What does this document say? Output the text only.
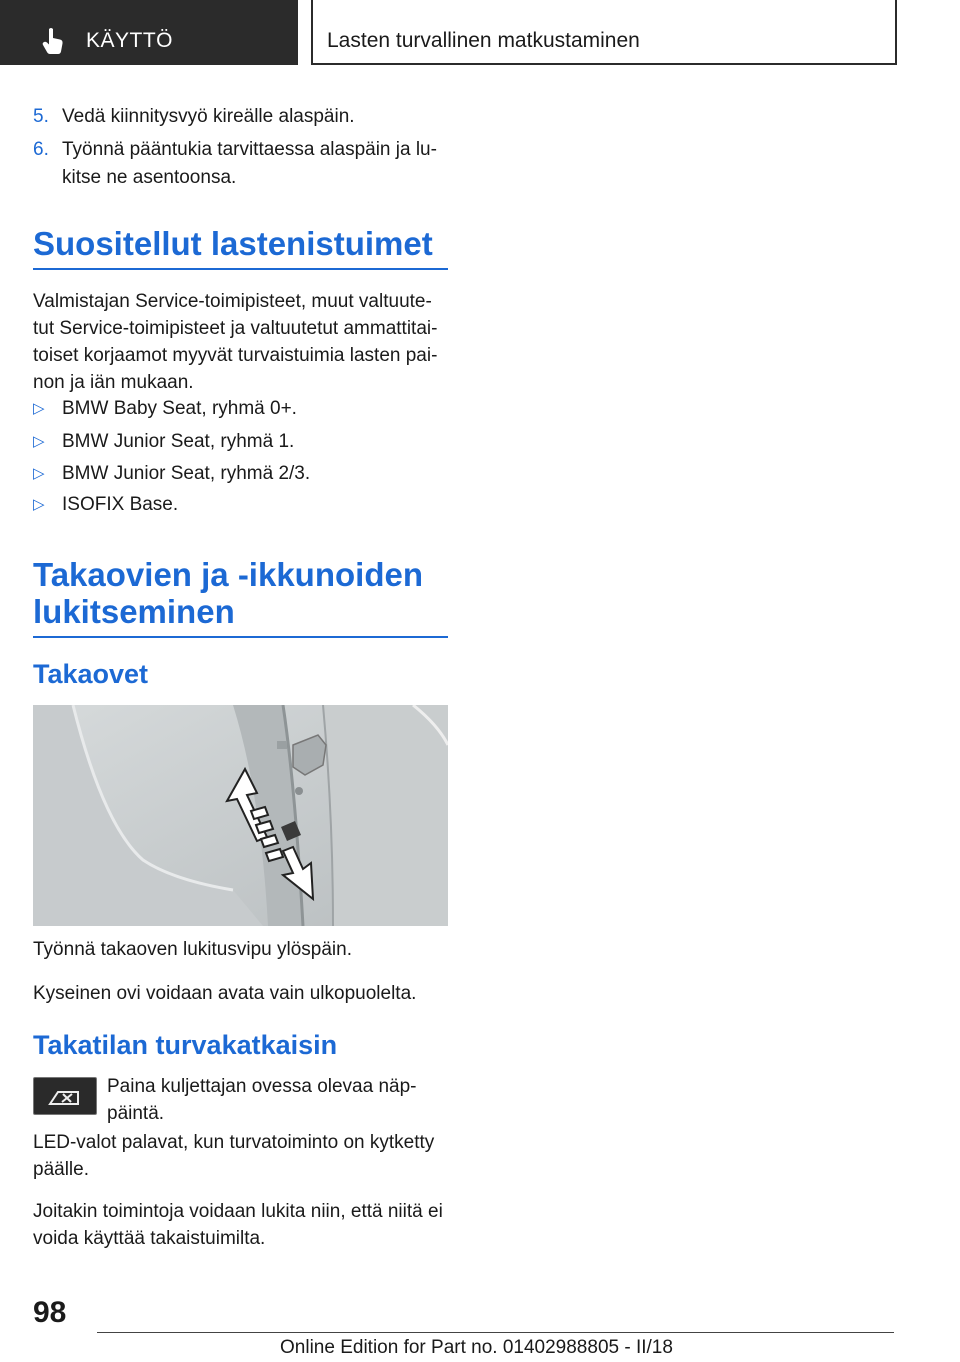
KÄYTTÖ	Lasten turvallinen matkustaminen
5. Vedä kiinnitysvyö kireälle alaspäin.
6. Työnnä pääntukia tarvittaessa alaspäin ja lu-
kitse ne asentoonsa.
Suositellut lastenistuimet
Valmistajan Service-toimipisteet, muut valtuute-
tut Service-toimipisteet ja valtuutetut ammattitai-
toiset korjaamot myyvät turvaistuimia lasten pai-
non ja iän mukaan.
▷ BMW Baby Seat, ryhmä 0+.
▷ BMW Junior Seat, ryhmä 1.
▷ BMW Junior Seat, ryhmä 2/3.
▷ ISOFIX Base.
Takaovien ja -ikkunoiden
lukitseminen
Takaovet
Työnnä takaoven lukitusvipu ylöspäin.
Kyseinen ovi voidaan avata vain ulkopuolelta.
Takatilan turvakatkaisin
Paina kuljettajan ovessa olevaa näp-
päintä.
LED-valot palavat, kun turvatoiminto on kytketty
päälle.
Joitakin toimintoja voidaan lukita niin, että niitä ei
voida käyttää takaistuimilta.
98
Online Edition for Part no. 01402988805 - II/18
